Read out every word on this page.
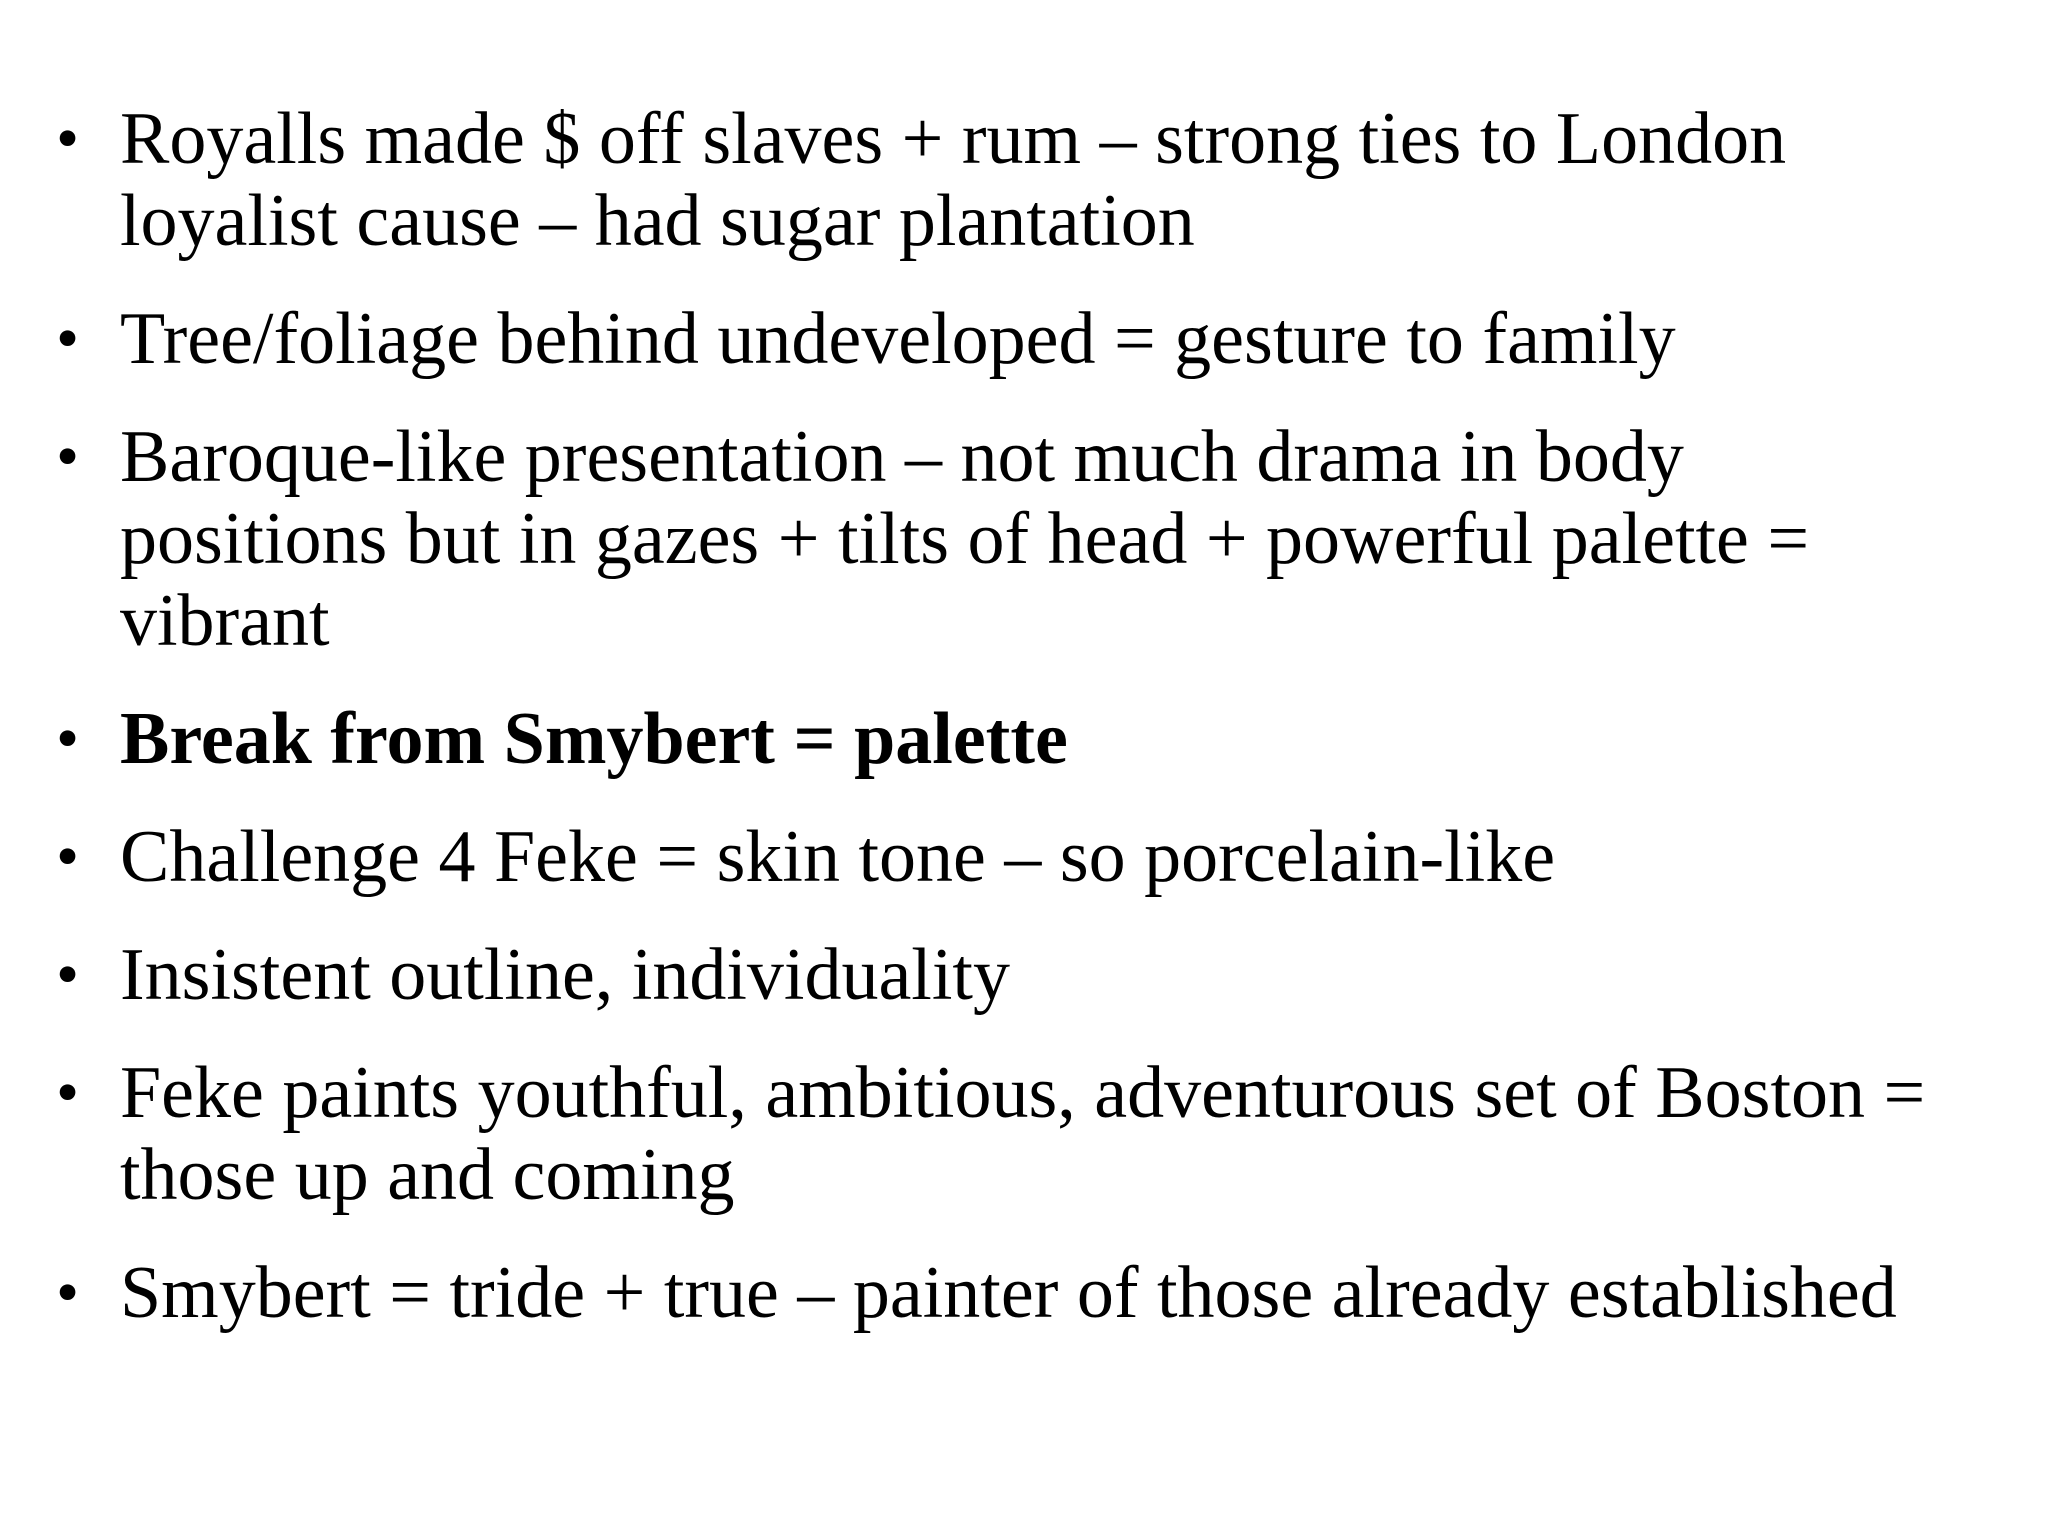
• Royalls made $ off slaves + rum – strong ties to London loyalist cause – had sugar plantation
• Tree/foliage behind undeveloped = gesture to family
• Baroque-like presentation – not much drama in body positions but in gazes + tilts of head + powerful palette = vibrant
• Break from Smybert = palette
• Challenge 4 Feke = skin tone – so porcelain-like
• Insistent outline, individuality
• Feke paints youthful, ambitious, adventurous set of Boston = those up and coming
• Smybert = tride + true – painter of those already established
